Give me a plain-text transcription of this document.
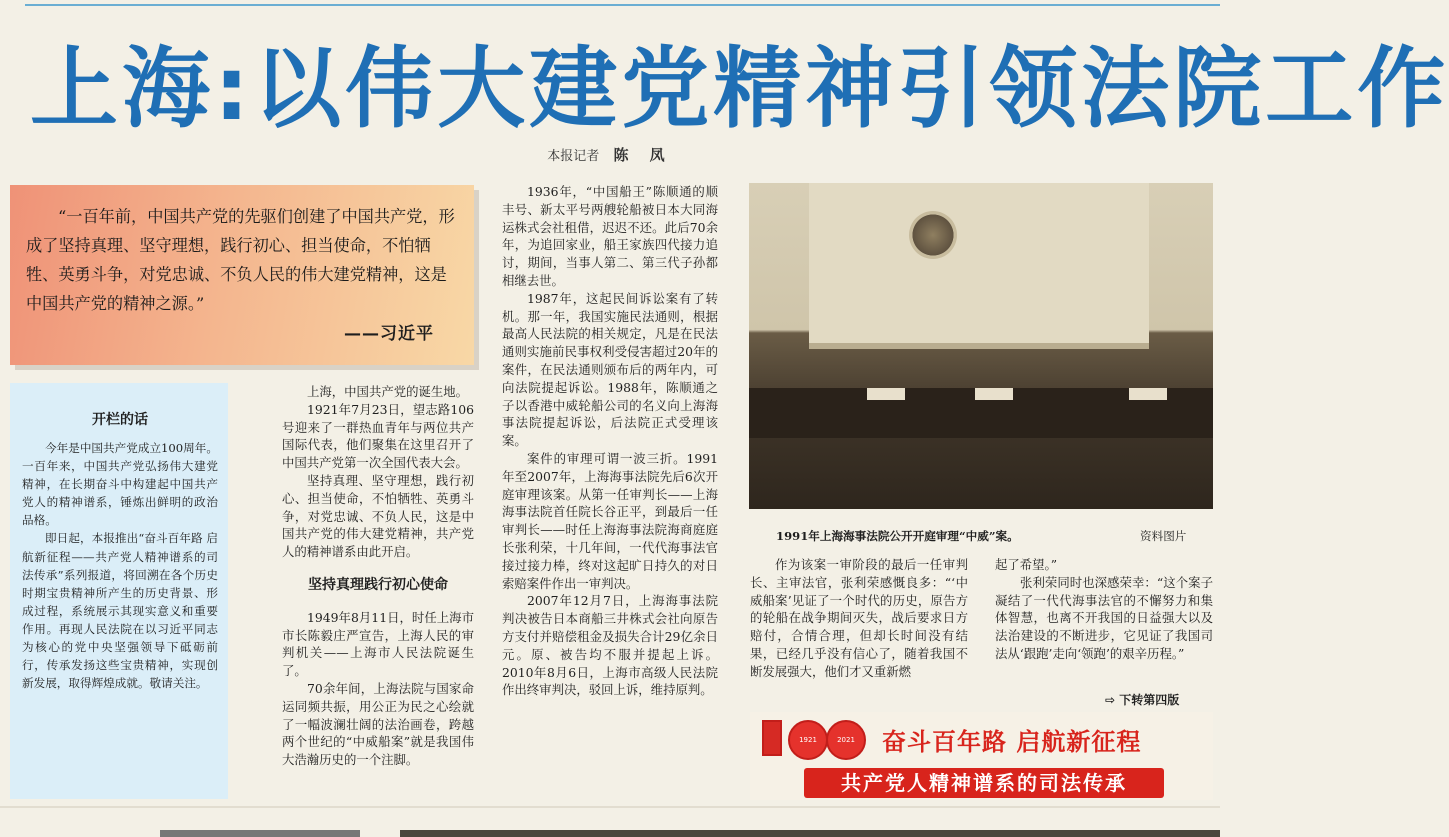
上海:以伟大建党精神引领法院工作
本报记者 陈 凤

“一百年前，中国共产党的先驱们创建了中国共产党，形成了坚持真理、坚守理想，践行初心、担当使命，不怕牺牲、英勇斗争，对党忠诚、不负人民的伟大建党精神，这是中国共产党的精神之源。”

——习近平
开栏的话

今年是中国共产党成立100周年。一百年来，中国共产党弘扬伟大建党精神，在长期奋斗中构建起中国共产党人的精神谱系，锤炼出鲜明的政治品格。

即日起，本报推出“奋斗百年路 启航新征程——共产党人精神谱系的司法传承”系列报道，将回溯在各个历史时期宝贵精神所产生的历史背景、形成过程，系统展示其现实意义和重要作用。再现人民法院在以习近平同志为核心的党中央坚强领导下砥砺前行，传承发扬这些宝贵精神，实现创新发展，取得辉煌成就。敬请关注。

上海，中国共产党的诞生地。

1921年7月23日，望志路106号迎来了一群热血青年与两位共产国际代表，他们聚集在这里召开了中国共产党第一次全国代表大会。

坚持真理、坚守理想，践行初心、担当使命，不怕牺牲、英勇斗争，对党忠诚、不负人民，这是中国共产党的伟大建党精神，共产党人的精神谱系由此开启。

坚持真理践行初心使命

1949年8月11日，时任上海市市长陈毅庄严宣告，上海人民的审判机关——上海市人民法院诞生了。

70余年间，上海法院与国家命运同频共振，用公正为民之心绘就了一幅波澜壮阔的法治画卷，跨越两个世纪的“中威船案”就是我国伟大浩瀚历史的一个注脚。

1936年，“中国船王”陈顺通的顺丰号、新太平号两艘轮船被日本大同海运株式会社租借，迟迟不还。此后70余年，为追回家业，船王家族四代接力追讨，期间，当事人第二、第三代子孙都相继去世。

1987年，这起民间诉讼案有了转机。那一年，我国实施民法通则，根据最高人民法院的相关规定，凡是在民法通则实施前民事权利受侵害超过20年的案件，在民法通则颁布后的两年内，可向法院提起诉讼。1988年，陈顺通之子以香港中威轮船公司的名义向上海海事法院提起诉讼，后法院正式受理该案。

案件的审理可谓一波三折。1991年至2007年，上海海事法院先后6次开庭审理该案。从第一任审判长——上海海事法院首任院长谷正平，到最后一任审判长——时任上海海事法院海商庭庭长张利荣，十几年间，一代代海事法官接过接力棒，终对这起旷日持久的对日索赔案件作出一审判决。

2007年12月7日，上海海事法院判决被告日本商船三井株式会社向原告方支付并赔偿租金及损失合计29亿余日元。原、被告均不服并提起上诉。2010年8月6日，上海市高级人民法院作出终审判决，驳回上诉，维持原判。

1991年上海海事法院公开开庭审理“中威”案。	资料图片

作为该案一审阶段的最后一任审判长、主审法官，张利荣感慨良多：“‘中威船案’见证了一个时代的历史，原告方的轮船在战争期间灭失，战后要求日方赔付，合情合理，但却长时间没有结果，已经几乎没有信心了，随着我国不断发展强大，他们才又重新燃

起了希望。”

张利荣同时也深感荣幸：“这个案子凝结了一代代海事法官的不懈努力和集体智慧，也离不开我国的日益强大以及法治建设的不断进步，它见证了我国司法从‘跟跑’走向‘领跑’的艰辛历程。”

⇨ 下转第四版
1921	2021	奋斗百年路 启航新征程
共产党人精神谱系的司法传承
